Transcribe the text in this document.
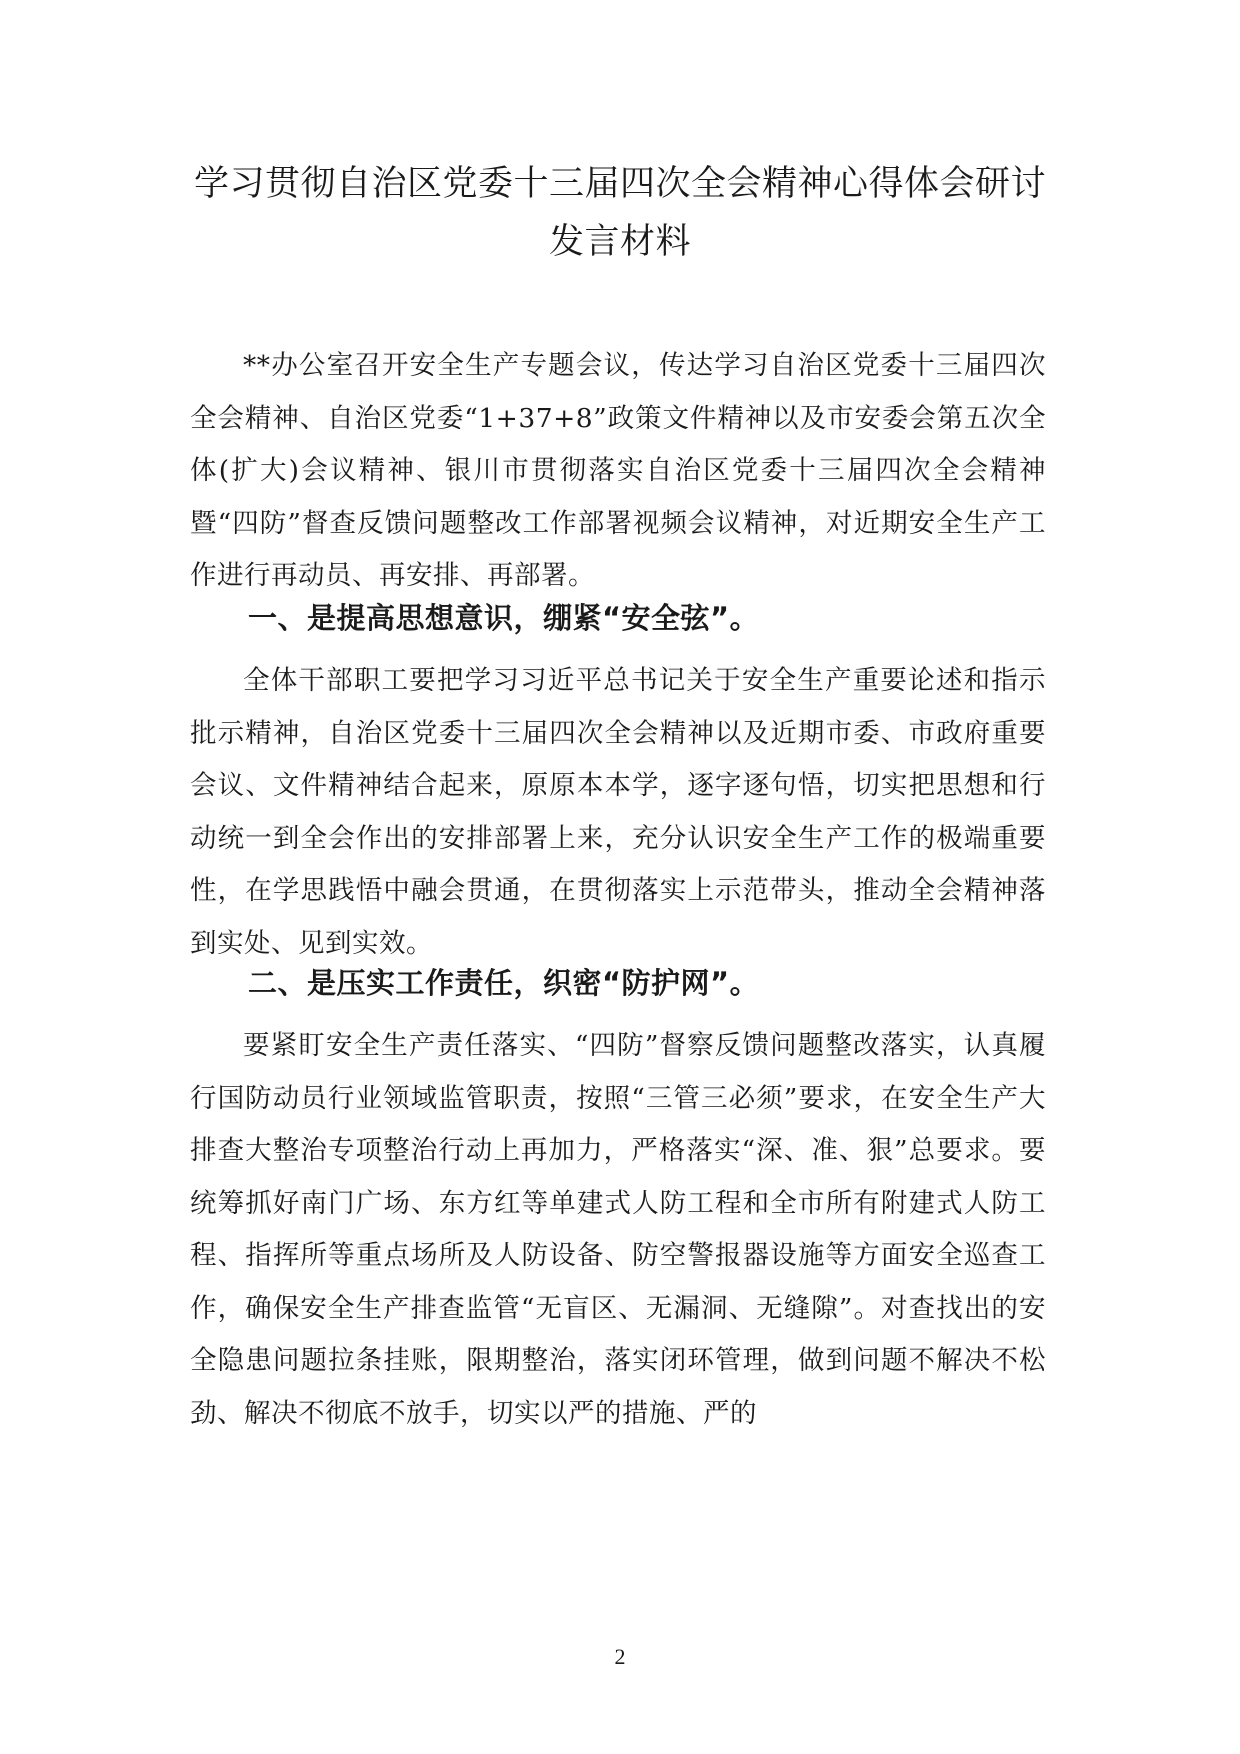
学习贯彻自治区党委十三届四次全会精神心得体会研讨
发言材料

**办公室召开安全生产专题会议，传达学习自治区党委十三届四次全会精神、自治区党委“1+37+8”政策文件精神以及市安委会第五次全体(扩大)会议精神、银川市贯彻落实自治区党委十三届四次全会精神暨“四防”督查反馈问题整改工作部署视频会议精神，对近期安全生产工作进行再动员、再安排、再部署。

一、是提高思想意识，绷紧“安全弦”。

全体干部职工要把学习习近平总书记关于安全生产重要论述和指示批示精神，自治区党委十三届四次全会精神以及近期市委、市政府重要会议、文件精神结合起来，原原本本学，逐字逐句悟，切实把思想和行动统一到全会作出的安排部署上来，充分认识安全生产工作的极端重要性，在学思践悟中融会贯通，在贯彻落实上示范带头，推动全会精神落到实处、见到实效。

二、是压实工作责任，织密“防护网”。

要紧盯安全生产责任落实、“四防”督察反馈问题整改落实，认真履行国防动员行业领域监管职责，按照“三管三必须”要求，在安全生产大排查大整治专项整治行动上再加力，严格落实“深、准、狠”总要求。要统筹抓好南门广场、东方红等单建式人防工程和全市所有附建式人防工程、指挥所等重点场所及人防设备、防空警报器设施等方面安全巡查工作，确保安全生产排查监管“无盲区、无漏洞、无缝隙”。对查找出的安全隐患问题拉条挂账，限期整治，落实闭环管理，做到问题不解决不松劲、解决不彻底不放手，切实以严的措施、严的

2
